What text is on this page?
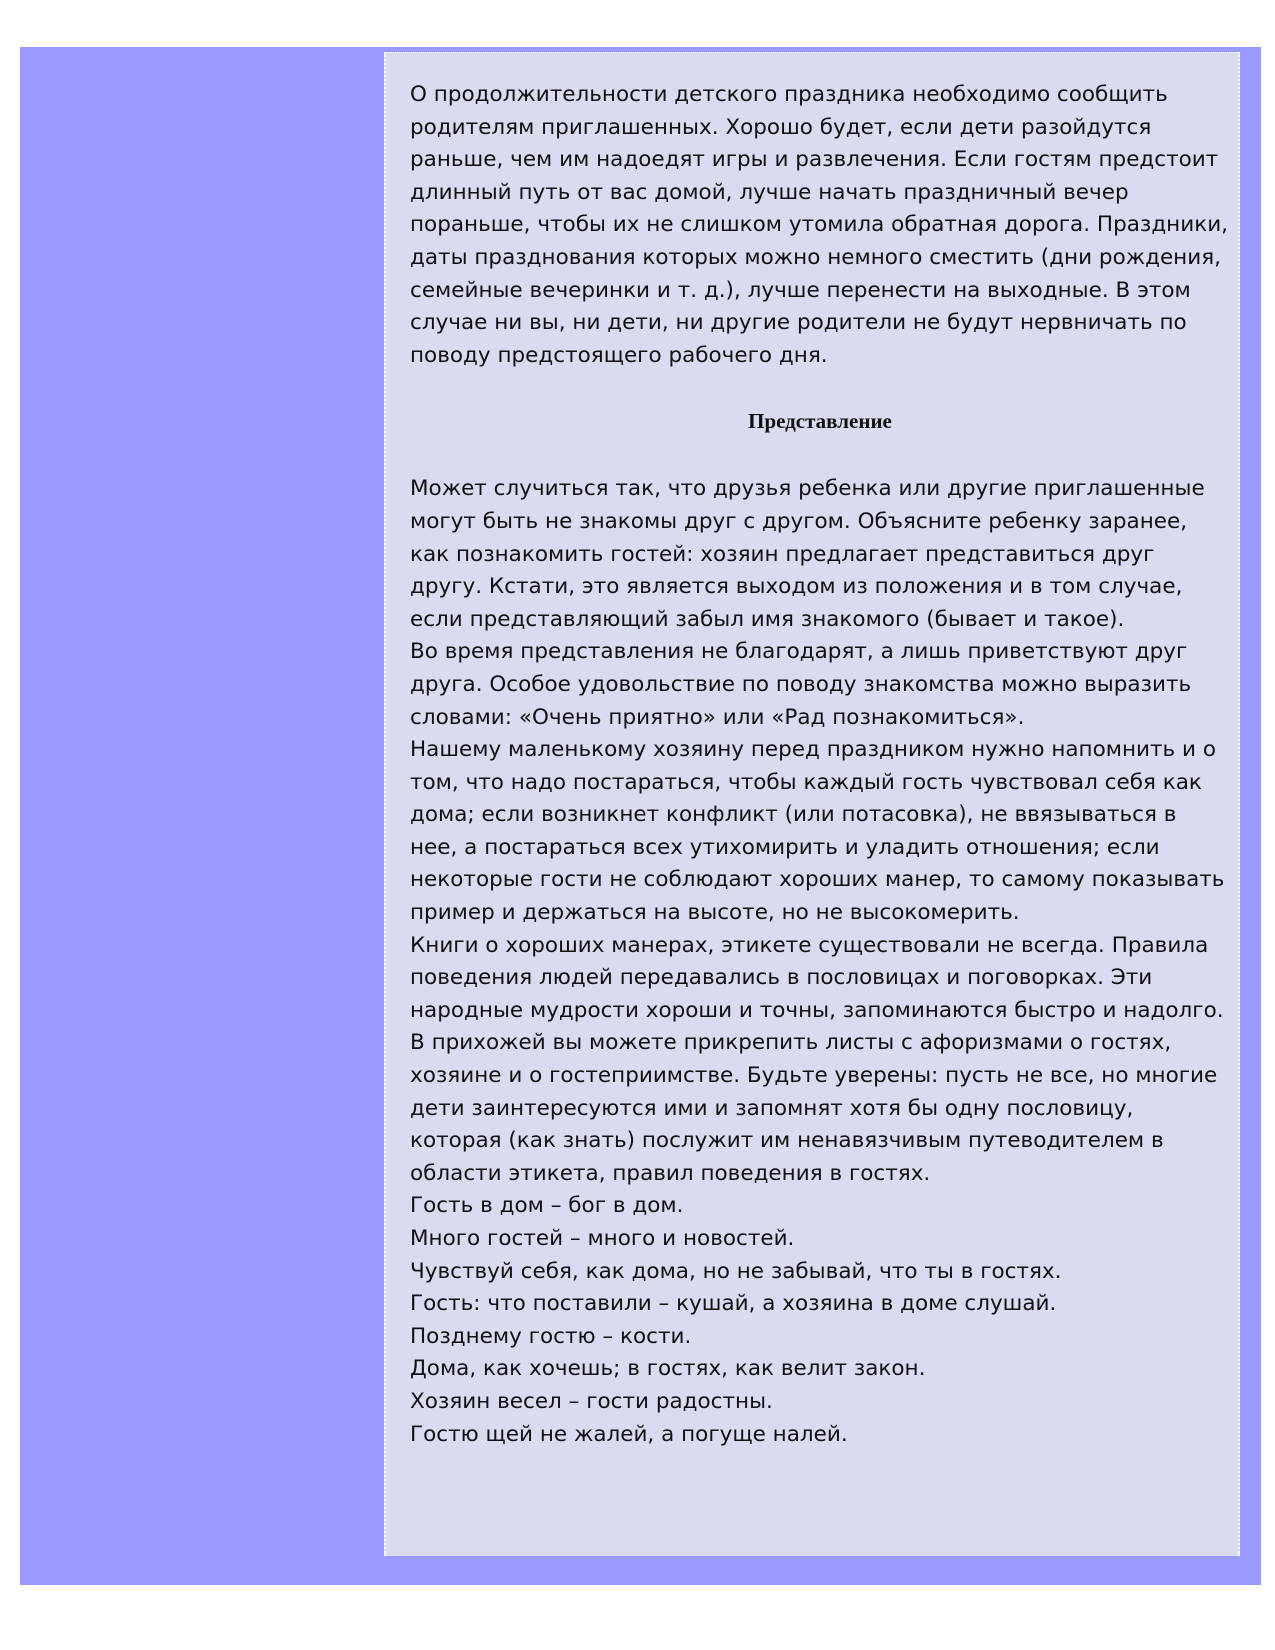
О продолжительности детского праздника необходимо сообщить родителям приглашенных. Хорошо будет, если дети разойдутся раньше, чем им надоедят игры и развлечения. Если гостям предстоит длинный путь от вас домой, лучше начать праздничный вечер пораньше, чтобы их не слишком утомила обратная дорога. Праздники, даты празднования которых можно немного сместить (дни рождения, семейные вечеринки и т. д.), лучше перенести на выходные. В этом случае ни вы, ни дети, ни другие родители не будут нервничать по поводу предстоящего рабочего дня.

Представление

Может случиться так, что друзья ребенка или другие приглашенные могут быть не знакомы друг с другом. Объясните ребенку заранее, как познакомить гостей: хозяин предлагает представиться друг другу. Кстати, это является выходом из положения и в том случае, если представляющий забыл имя знакомого (бывает и такое).

Во время представления не благодарят, а лишь приветствуют друг друга. Особое удовольствие по поводу знакомства можно выразить словами: «Очень приятно» или «Рад познакомиться».

Нашему маленькому хозяину перед праздником нужно напомнить и о том, что надо постараться, чтобы каждый гость чувствовал себя как дома; если возникнет конфликт (или потасовка), не ввязываться в нее, а постараться всех утихомирить и уладить отношения; если некоторые гости не соблюдают хороших манер, то самому показывать пример и держаться на высоте, но не высокомерить.

Книги о хороших манерах, этикете существовали не всегда. Правила поведения людей передавались в пословицах и поговорках. Эти народные мудрости хороши и точны, запоминаются быстро и надолго.

В прихожей вы можете прикрепить листы с афоризмами о гостях, хозяине и о гостеприимстве. Будьте уверены: пусть не все, но многие дети заинтересуются ими и запомнят хотя бы одну пословицу, которая (как знать) послужит им ненавязчивым путеводителем в области этикета, правил поведения в гостях.

Гость в дом – бог в дом.

Много гостей – много и новостей.

Чувствуй себя, как дома, но не забывай, что ты в гостях.

Гость: что поставили – кушай, а хозяина в доме слушай.

Позднему гостю – кости.

Дома, как хочешь; в гостях, как велит закон.

Хозяин весел – гости радостны.

Гостю щей не жалей, а погуще налей.
